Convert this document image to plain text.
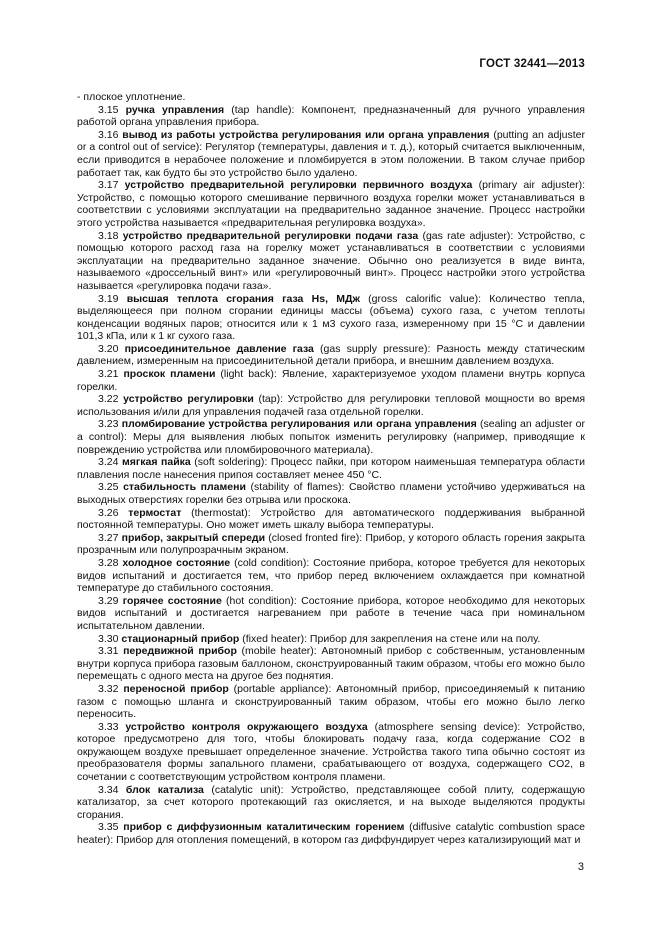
ГОСТ 32441—2013

- плоское уплотнение.

3.15 ручка управления (tap handle): Компонент, предназначенный для ручного управления работой органа управления прибора.

3.16 вывод из работы устройства регулирования или органа управления (putting an adjuster or a control out of service): Регулятор (температуры, давления и т. д.), который считается выключенным, если приводится в нерабочее положение и пломбируется в этом положении. В таком случае прибор работает так, как будто бы это устройство было удалено.

3.17 устройство предварительной регулировки первичного воздуха (primary air adjuster): Устройство, с помощью которого смешивание первичного воздуха горелки может устанавливаться в соответствии с условиями эксплуатации на предварительно заданное значение. Процесс настройки этого устройства называется «предварительная регулировка воздуха».

3.18 устройство предварительной регулировки подачи газа (gas rate adjuster): Устройство, с помощью которого расход газа на горелку может устанавливаться в соответствии с условиями эксплуатации на предварительно заданное значение. Обычно оно реализуется в виде винта, называемого «дроссельный винт» или «регулировочный винт». Процесс настройки этого устройства называется «регулировка подачи газа».

3.19 высшая теплота сгорания газа Hs, МДж (gross calorific value): Количество тепла, выделяющееся при полном сгорании единицы массы (объема) сухого газа, с учетом теплоты конденсации водяных паров; относится или к 1 м3 сухого газа, измеренному при 15 °С и давлении 101,3 кПа, или к 1 кг сухого газа.

3.20 присоединительное давление газа (gas supply pressure): Разность между статическим давлением, измеренным на присоединительной детали прибора, и внешним давлением воздуха.

3.21 проскок пламени (light back): Явление, характеризуемое уходом пламени внутрь корпуса горелки.

3.22 устройство регулировки (tap): Устройство для регулировки тепловой мощности во время использования и/или для управления подачей газа отдельной горелки.

3.23 пломбирование устройства регулирования или органа управления (sealing an adjuster or a control): Меры для выявления любых попыток изменить регулировку (например, приводящие к повреждению устройства или пломбировочного материала).

3.24 мягкая пайка (soft soldering): Процесс пайки, при котором наименьшая температура области плавления после нанесения припоя составляет менее 450 °С.

3.25 стабильность пламени (stability of flames): Свойство пламени устойчиво удерживаться на выходных отверстиях горелки без отрыва или проскока.

3.26 термостат (thermostat): Устройство для автоматического поддерживания выбранной постоянной температуры. Оно может иметь шкалу выбора температуры.

3.27 прибор, закрытый спереди (closed fronted fire): Прибор, у которого область горения закрыта прозрачным или полупрозрачным экраном.

3.28 холодное состояние (cold condition): Состояние прибора, которое требуется для некоторых видов испытаний и достигается тем, что прибор перед включением охлаждается при комнатной температуре до стабильного состояния.

3.29 горячее состояние (hot condition): Состояние прибора, которое необходимо для некоторых видов испытаний и достигается нагреванием при работе в течение часа при номинальном испытательном давлении.

3.30 стационарный прибор (fixed heater): Прибор для закрепления на стене или на полу.

3.31 передвижной прибор (mobile heater): Автономный прибор с собственным, установленным внутри корпуса прибора газовым баллоном, сконструированный таким образом, чтобы его можно было перемещать с одного места на другое без поднятия.

3.32 переносной прибор (portable appliance): Автономный прибор, присоединяемый к питанию газом с помощью шланга и сконструированный таким образом, чтобы его можно было легко переносить.

3.33 устройство контроля окружающего воздуха (atmosphere sensing device): Устройство, которое предусмотрено для того, чтобы блокировать подачу газа, когда содержание CO2 в окружающем воздухе превышает определенное значение. Устройства такого типа обычно состоят из преобразователя формы запального пламени, срабатывающего от воздуха, содержащего CO2, в сочетании с соответствующим устройством контроля пламени.

3.34 блок катализа (catalytic unit): Устройство, представляющее собой плиту, содержащую катализатор, за счет которого протекающий газ окисляется, и на выходе выделяются продукты сгорания.

3.35 прибор с диффузионным каталитическим горением (diffusive catalytic combustion space heater): Прибор для отопления помещений, в котором газ диффундирует через катализирующий мат и

3
